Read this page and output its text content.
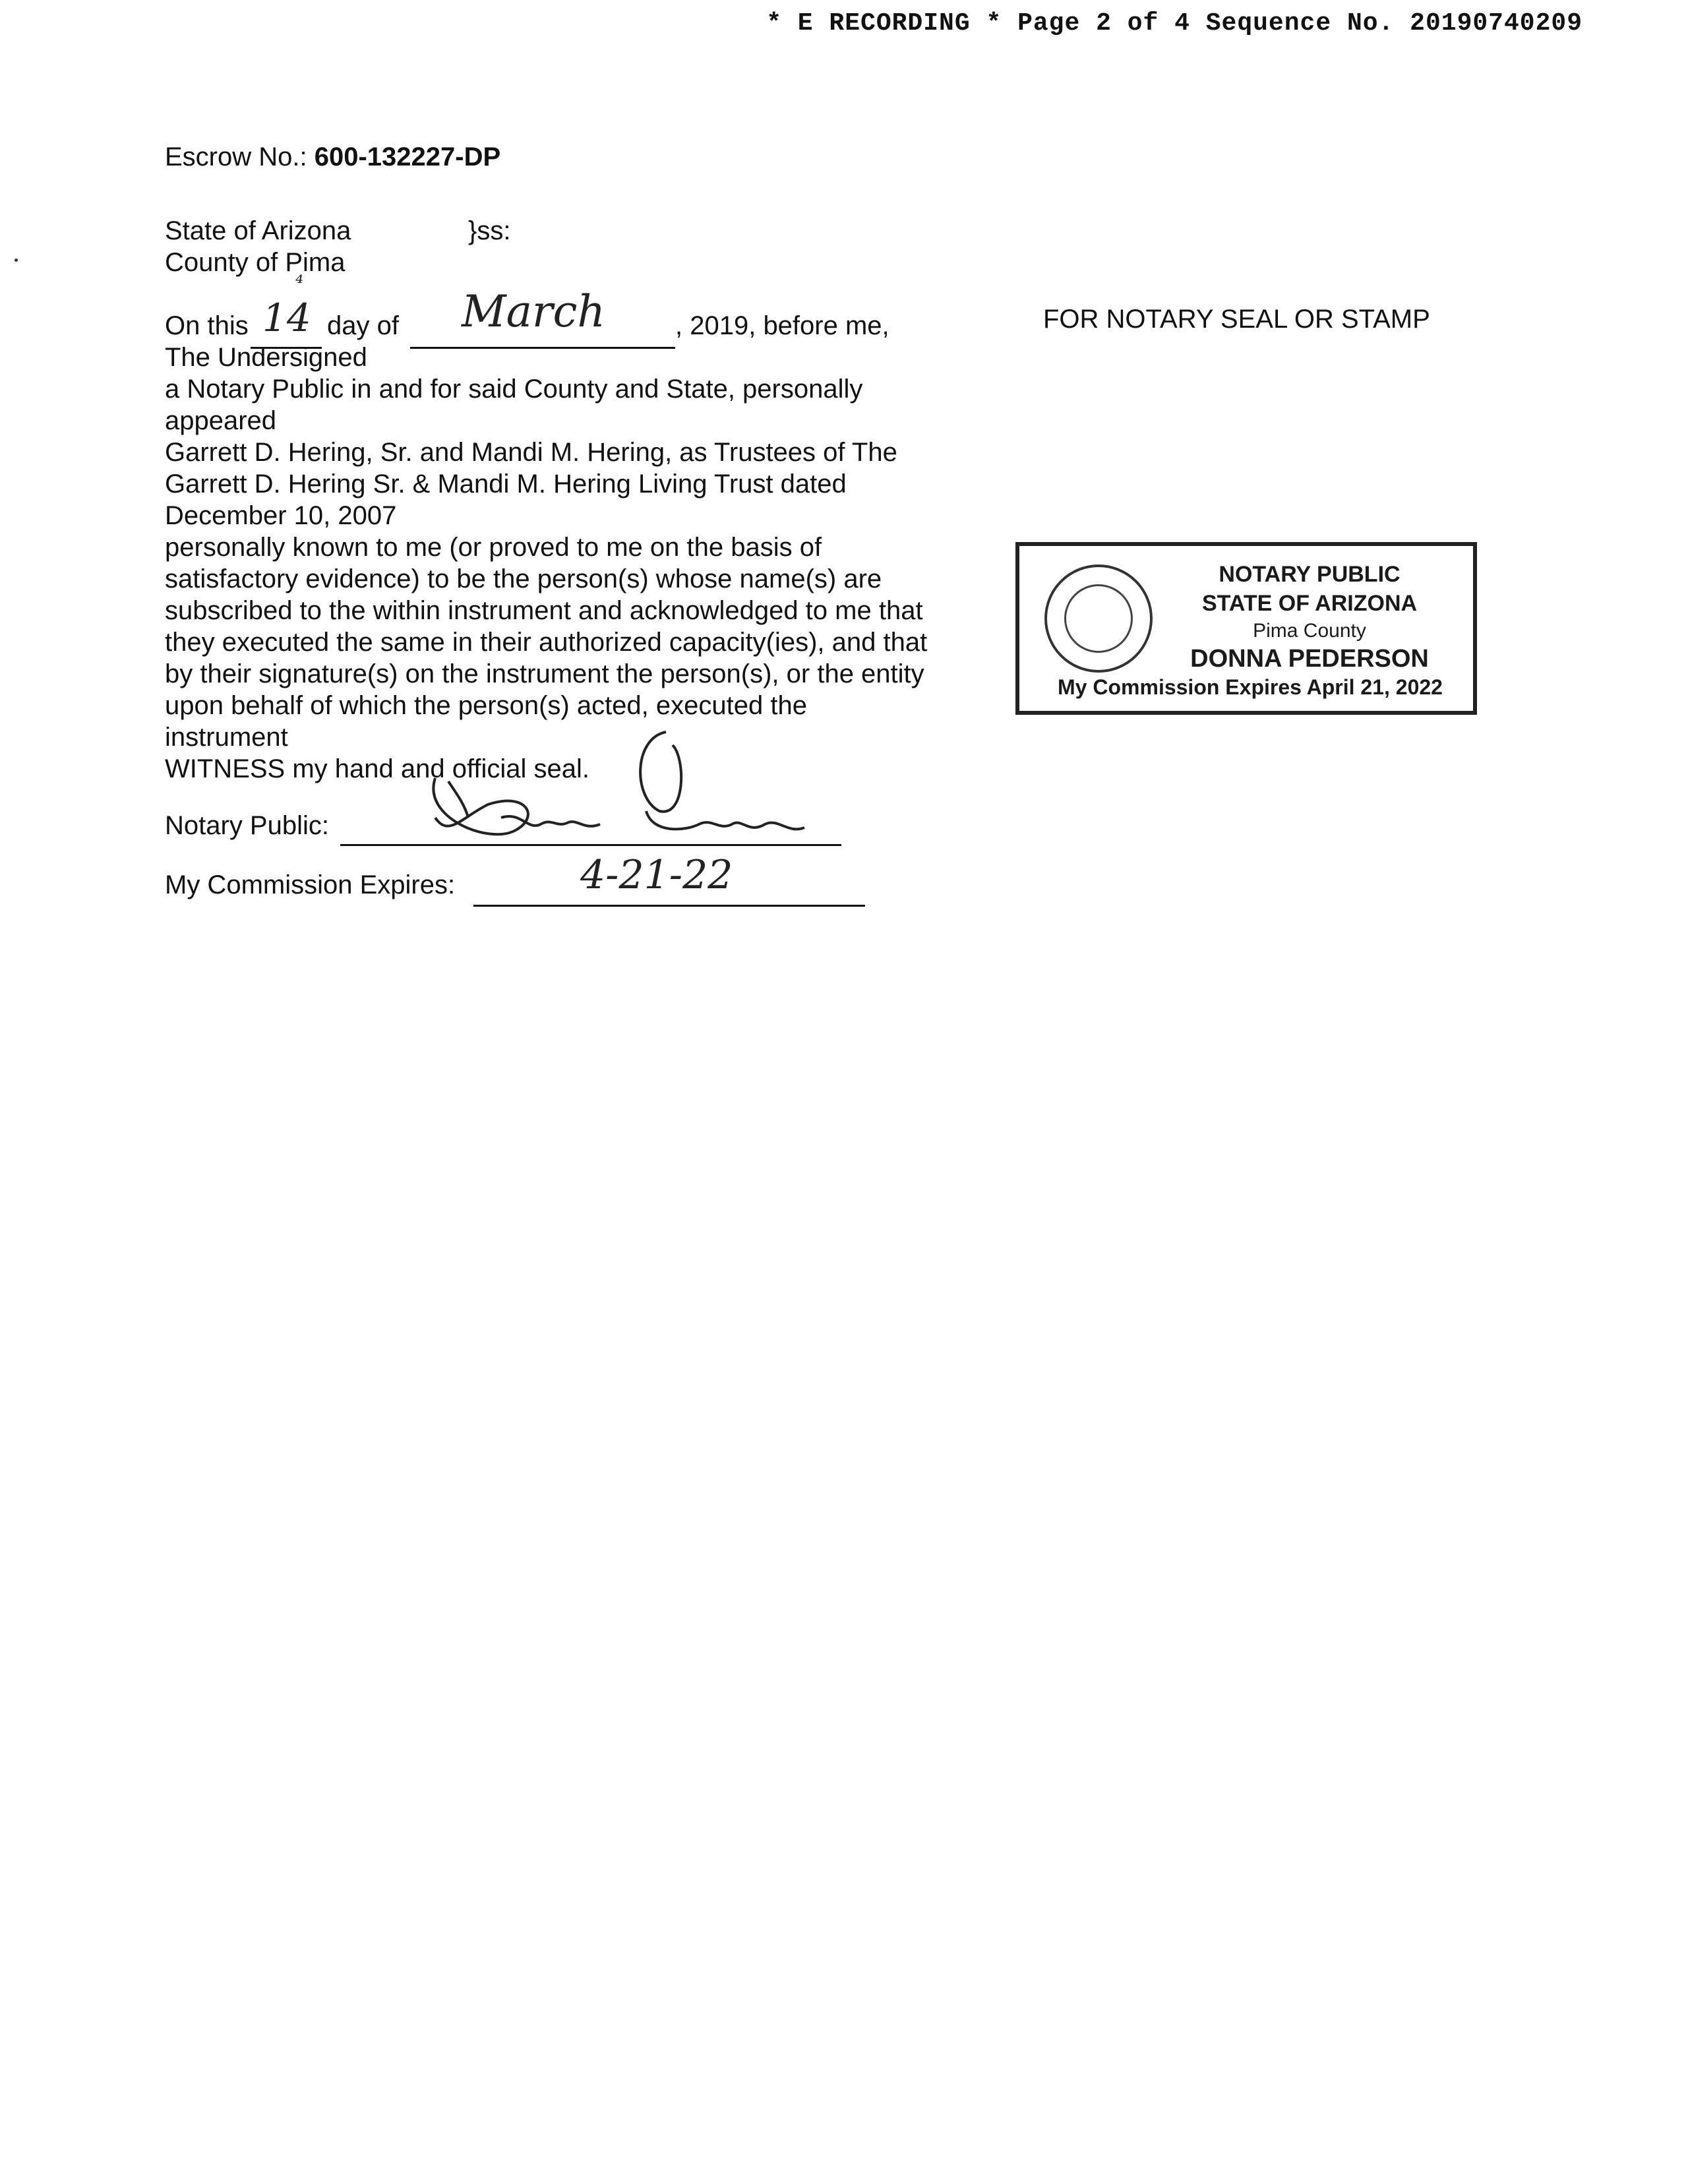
* E RECORDING * Page 2 of 4 Sequence No. 20190740209
Escrow No.: 600-132227-DP
State of Arizona	}ss:
County of Pima
⁴
On this 14 day of March	, 2019, before me,
The Undersigned
a Notary Public in and for said County and State, personally
appeared
Garrett D. Hering, Sr. and Mandi M. Hering, as Trustees of The
Garrett D. Hering Sr. & Mandi M. Hering Living Trust dated
December 10, 2007
personally known to me (or proved to me on the basis of
satisfactory evidence) to be the person(s) whose name(s) are
subscribed to the within instrument and acknowledged to me that
they executed the same in their authorized capacity(ies), and that
by their signature(s) on the instrument the person(s), or the entity
upon behalf of which the person(s) acted, executed the
instrument
WITNESS my hand and official seal.
Notary Public:
My Commission Expires:	4-21-22
FOR NOTARY SEAL OR STAMP
NOTARY PUBLIC
STATE OF ARIZONA
Pima County
DONNA PEDERSON
My Commission Expires April 21, 2022
